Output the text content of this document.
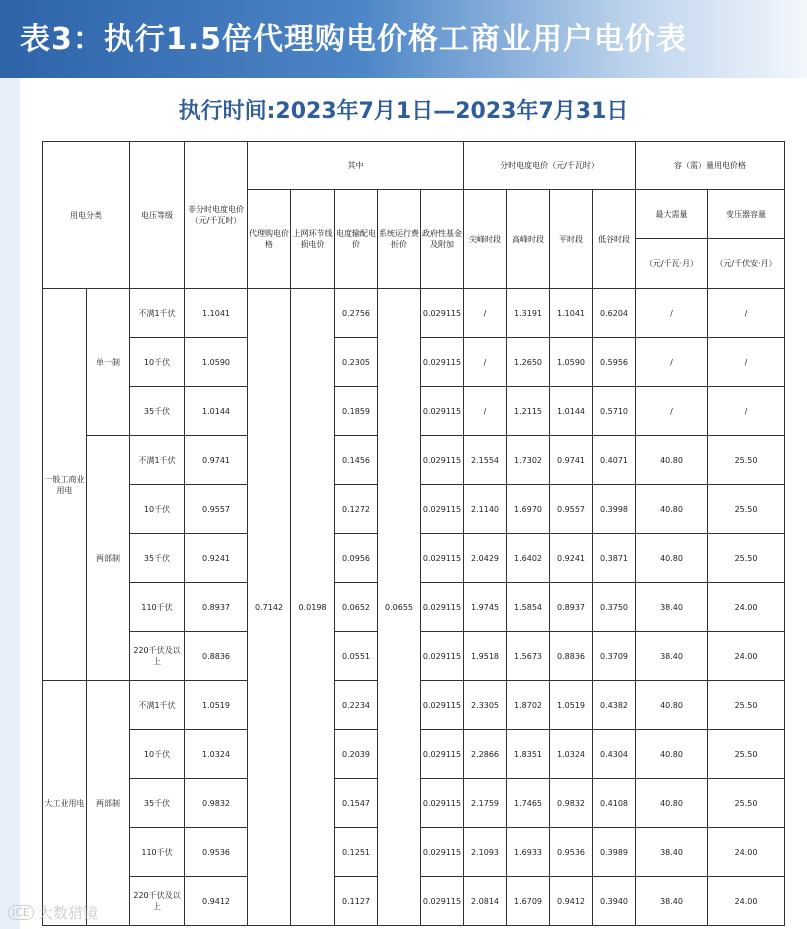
表3：执行1.5倍代理购电价格工商业用户电价表
执行时间:2023年7月1日—2023年7月31日
用电分类		电压等级	非分时电度电价（元/千瓦时）	其中					分时电度电价（元/千瓦时）				容（需）量用电价格	
				代理购电价格	上网环节线损电价	电度输配电价	系统运行费折价	政府性基金及附加	尖峰时段	高峰时段	平时段	低谷时段	最大需量	变压器容量
													（元/千瓦·月）	（元/千伏安·月）
一般工商业用电	单一制	不满1千伏	1.1041	0.7142	0.0198	0.2756	0.0655	0.029115	/	1.3191	1.1041	0.6204	/	/
		10千伏	1.0590			0.2305		0.029115	/	1.2650	1.0590	0.5956	/	/
		35千伏	1.0144			0.1859		0.029115	/	1.2115	1.0144	0.5710	/	/
	两部制	不满1千伏	0.9741			0.1456		0.029115	2.1554	1.7302	0.9741	0.4071	40.80	25.50
		10千伏	0.9557			0.1272		0.029115	2.1140	1.6970	0.9557	0.3998	40.80	25.50
		35千伏	0.9241			0.0956		0.029115	2.0429	1.6402	0.9241	0.3871	40.80	25.50
		110千伏	0.8937			0.0652		0.029115	1.9745	1.5854	0.8937	0.3750	38.40	24.00
		220千伏及以上	0.8836			0.0551		0.029115	1.9518	1.5673	0.8836	0.3709	38.40	24.00
大工业用电	两部制	不满1千伏	1.0519			0.2234		0.029115	2.3305	1.8702	1.0519	0.4382	40.80	25.50
		10千伏	1.0324			0.2039		0.029115	2.2866	1.8351	1.0324	0.4304	40.80	25.50
		35千伏	0.9832			0.1547		0.029115	2.1759	1.7465	0.9832	0.4108	40.80	25.50
		110千伏	0.9536			0.1251		0.029115	2.1093	1.6933	0.9536	0.3989	38.40	24.00
		220千伏及以上	0.9412			0.1127		0.029115	2.0814	1.6709	0.9412	0.3940	38.40	24.00
ICE 大数猎镜
